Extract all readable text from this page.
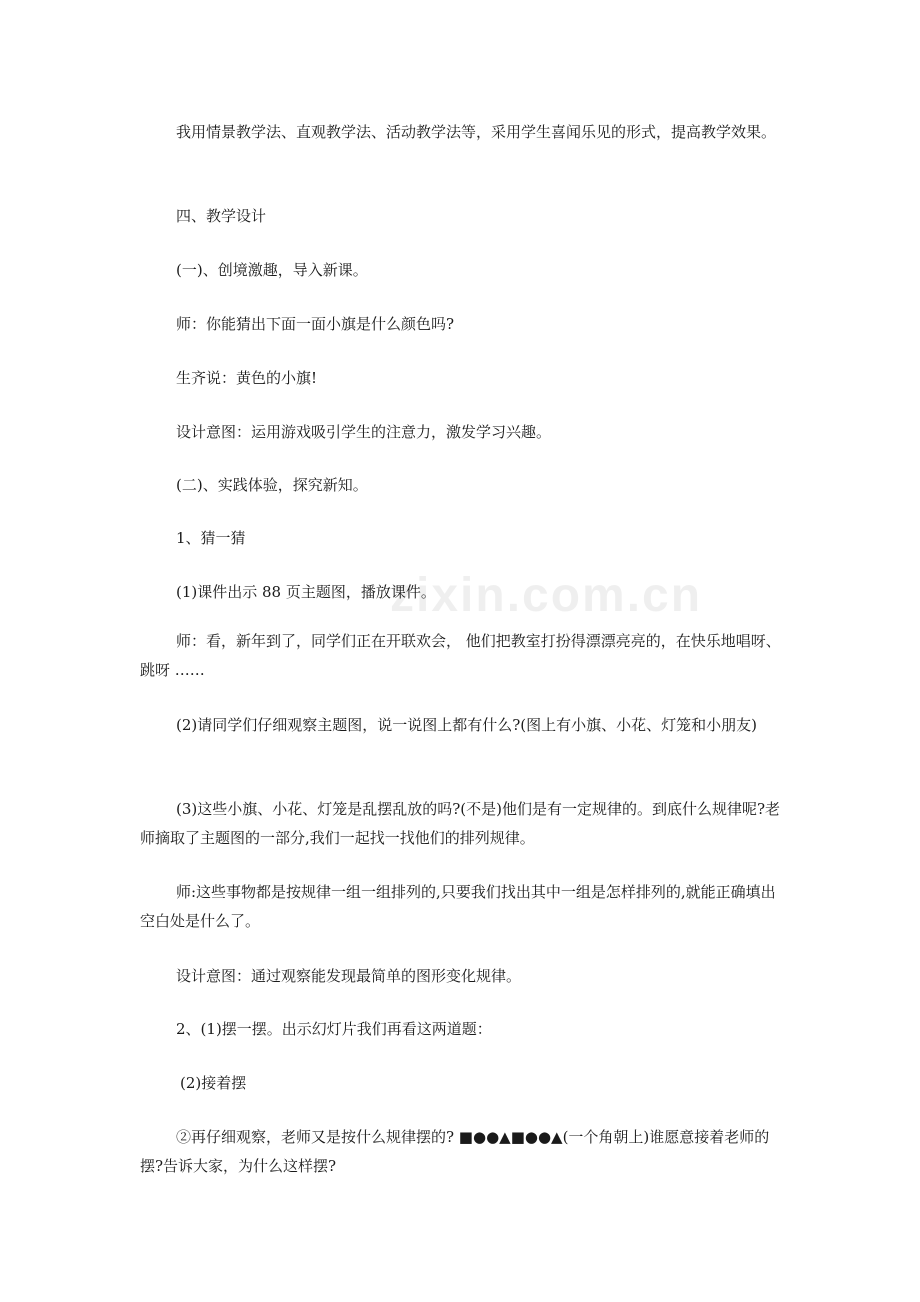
zixin.com.cn

我用情景教学法、直观教学法、活动教学法等，采用学生喜闻乐见的形式，提高教学效果。

四、教学设计

(一)、创境激趣，导入新课。

师：你能猜出下面一面小旗是什么颜色吗?

生齐说：黄色的小旗!

设计意图：运用游戏吸引学生的注意力，激发学习兴趣。

(二)、实践体验，探究新知。

1、猜一猜

(1)课件出示 88 页主题图，播放课件。

师：看，新年到了，同学们正在开联欢会， 他们把教室打扮得漂漂亮亮的，在快乐地唱呀、跳呀 ……

(2)请同学们仔细观察主题图，说一说图上都有什么?(图上有小旗、小花、灯笼和小朋友)

(3)这些小旗、小花、灯笼是乱摆乱放的吗?(不是)他们是有一定规律的。到底什么规律呢?老师摘取了主题图的一部分,我们一起找一找他们的排列规律。

师:这些事物都是按规律一组一组排列的,只要我们找出其中一组是怎样排列的,就能正确填出空白处是什么了。

设计意图：通过观察能发现最简单的图形变化规律。

2、(1)摆一摆。出示幻灯片我们再看这两道题：

(2)接着摆

②再仔细观察，老师又是按什么规律摆的? ■●●▲■●●▲(一个角朝上)谁愿意接着老师的摆?告诉大家，为什么这样摆?
